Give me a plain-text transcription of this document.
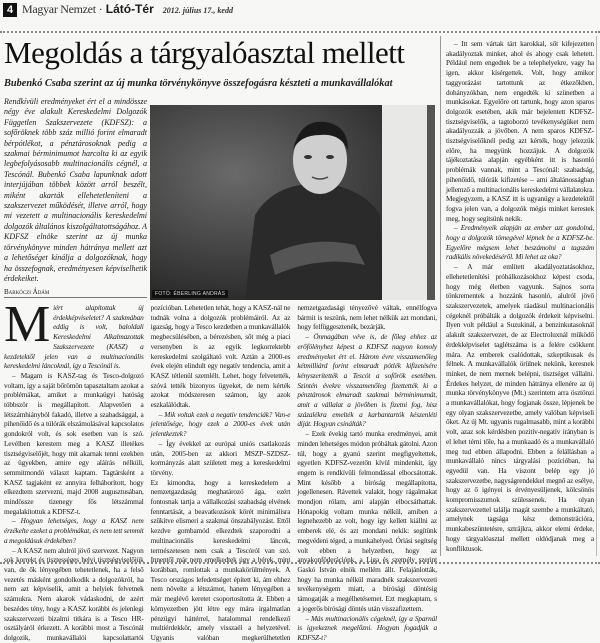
4 Magyar Nemzet · Látó-Tér 2012. július 17., kedd
Megoldás a tárgyalóasztal mellett
Bubenkó Csaba szerint az új munka törvénykönyve összefogásra készteti a munkavállalókat
Rendkívüli eredményeket ért el a mindössze négy éve alakult Kereskedelmi Dolgozók Független Szakszervezete (KDFSZ): a sofőröknek több száz millió forint elmaradt bérpótlékot, a pénztárosoknak pedig a szakmai bérminimumot harcolta ki az egyik legbefolyásosabb multinacionális cégnél, a Tescónál. Bubenkó Csaba lapunknak adott interjújában többek között arról beszélt, miként akarták ellehetetleníteni a szakszervezet működését, illetve arról, hogy mi vezetett a multinacionális kereskedelmi dolgozók általános kiszolgáltatottságához. A KDFSZ elnöke szerint az új munka törvénykönyve minden hátránya mellett azt a lehetőséget kínálja a dolgozóknak, hogy ha összefognak, eredményesen képviselhetik érdekeiket.
Barkóczi Ádám	FOTÓ: ÉBERLING ANDRÁS
M iért alapítottak új érdekképviseletet? A szakmában eddig is volt, baloldali Kereskedelmi Alkalmazottak Szakszervezete (KASZ) a kezdetektől jelen van a multinacionális kereskedelmi láncoknál, így a Tescónál is.

– Magam is KASZ-tag és Tesco-dolgozó voltam, így a saját bőrömön tapasztaltam azokat a problémákat, amiket a munkaügyi hatóság többször is megállapított. Alapvetően a létszámhiányból fakadó, illetve a szabadsággal, a pihenőidő és a túlórák elszámolásával kapcsolatos gondokról volt, és sok esetben van is szó. Levélben kerestem meg a KASZ illetékes tisztségviselőjét, hogy mit akarnak tenni ezekben az ügyekben, amire egy aláírás nélküli, semmitmondó választ kaptam. Tagtársként a KASZ tagjaként ez annyira felháborított, hogy elkezdtem szervezni, majd 2008 augusztusában, mindössze tizenegy fős létszámmal megalakítottuk a KDFSZ-t.

– Hogyan lehetséges, hogy a KASZ nem érzékelte ezeket a problémákat, és nem tett semmit a megoldásuk érdekében?

– A KASZ nem alulról jövő szervezet. Nagyon sok korrekt és tisztességes helyi tisztségviselőjük van, de ők lényegében tehetetlenek, ha a felső vezetés másként gondolkodik a dolgozókról, ha nem azt képviselik, amit a helyiek felvetnek számukra. Nem akarok vádaskodni, de azért beszédes tény, hogy a KASZ korábbi és jelenlegi szakszervezeti bizalmi titkára is a Tesco HR-osztályáról érkezett. A korábbi most a Tescónál dolgozik, munkavállalói kapcsolattartói pozícióban. Lehetetlen tehát, hogy a KASZ-nál ne tudnák volna a dolgozók problémáiról. Az az igazság, hogy a Tesco kezdetben a munkavállalók megbecsülésében, a bérezésben, sőt még a piaci versenyben is az egyik legkorrektebb kereskedelmi szolgáltató volt. Aztán a 2000-es évek elején elindult egy negatív tendencia, amit a KASZ tétlenül szemlélt. Lehet, hogy felvetették, szóvá tették bizonyos ügyeket, de nem kérték azokat módszeresen számon, így azok eszkalálódtak.

– Mik voltak ezek a negatív tendenciák? Van-e jelentősége, hogy ezek a 2000-es évek után jelentkeztek?

– Így évekkel az európai uniós csatlakozás után, 2005-ben az akkori MSZP–SZDSZ-kormányzás alatt született meg a kereskedelmi törvény.

Ez kimondta, hogy a kereskedelem a nemzetgazdaság meghatározó ága, ezért fontosnak tartja a vállalkozási szabadság elvének fenntartását, a beavatkozások körét minimálisra szűkítve elismeri a szakmai önszabályozást. Ettől kezdve gombamód elkezdtek szaporodni a multinacionális kereskedelmi láncok, természetesen nem csak a Tescóról van szó. Innentől már nem emelkedtek úgy a bérek, mint korábban, romlottak a munkakörülmények. A Tesco országos lefedettséget épített ki, ám ehhez nem növelte a létszámot, hanem lényegében a már meglévő keretet csoportosította át. Ebben a környezetben jött létre egy mára irgalmatlan pénzügyi háttérrel, hatalommal rendelkező multiérdekkör, amely visszaél a helyzetével. Ugyanis valóban megkerülhetetlen nemzetgazdasági tényezővé váltak, ennélfogva bármit is teszünk, nem lehet nélkük azt mondani, hogy felfüggesztenék, bezárják.

– Önmagában véve is, de főleg ehhez az erőfölényhez képest a KDFSZ nagyon komoly eredményeket ért el. Három évre visszamenőleg kétmilliárd forint elmaradt pótlék kifizetésére kényszerítették a Tescót a sofőrök esetében. Szintén évekre visszamenőleg fizettették ki a pénztárosok elmaradt szakmai bérminimumát, amit a vállalat a jövőben is fizetni fog, hisz százalékra emelték a karbantartók készenléti díját. Hogyan csinálták?

– Ezek évekig tartó munka eredményei, amit minden lehetséges módon próbáltak gátolni. Azon túl, hogy a gyanú szerint megfigyeltettek, egyetlen KDFSZ-vezetőn kívül mindenkit, így engem is rendkívüli felmondással elbocsátottak. Mint később a bíróság megállapította, jogellenesen. Rávettek valakit, hogy rágalmakat mondjon rólam, ami alapján elbocsáthattak. Hónapokig voltam munka nélkül, amiben a legnehezebb az volt, hogy így kellett kiállni az emberek elé, és azt mondani nekik: segítünk megvédeni téged, a munkahelyed. Óriási segítség volt ebben a helyzetben, hogy az anyakonföderációnk, a Liga és személy szerint Gaskó István elnök mellém állt. Felajánlották, hogy ha munka nélkül maradnék szakszervezeti tevékenységem miatt, a bírósági döntésig támogatják a megélhetésemet. Ezt megkaptam, s a jogerős bírósági döntés után visszafizettem.

– Más multinacionális cégeknél, így a Sparnál is igyekeznek megelőzni. Hogyan fogadják a KDFSZ-t?

– Itt sem vártak tárt karokkal, sőt kifejezetten akadályoztak minket, ahol és ahogy csak lehetett. Például nem engedtek be a telephelyekre, vagy ha igen, akkor kísérgettek. Volt, hogy amikor taggyorázást tartottunk az étkezőkben, dohányzókban, nem engedték ki szünetben a munkásokat. Egyelőre ott tartunk, hogy azon sparos dolgozók esetében, akik már bejelentett KDFSZ-tisztségviselők, a tagtoborzó tevékenységüket nem akadályozzák a jövőben. A nem sparos KDFSZ-tisztségviselőknél pedig azt kérték, hogy jelezzük előre, ha megyünk hozzájuk. A dolgozók tájékoztatása alapján egyébként itt is hasonló problémák vannak, mint a Tescónál: szabadság, pihenőidő, túlórák kifizetése – ami általánosságban jellemző a multinacionális kereskedelmi vállalatokra. Megjegyzem, a KASZ itt is ugyanúgy a kezdetektől fogva jelen van, a dolgozók mégis minket kerestek meg, hogy segítsünk nekik.

– Eredményeik alapján az ember azt gondolná, hogy a dolgozók tömegével lépnek be a KDFSZ-be. Egyelőre mégsem lehet beszámolni a tagszám radikális növekedéséről. Mi lehet az oka?

– A már említett akadályoztatásokhoz, ellehetetlenítési próbálkozásokhoz képest csoda, hogy még életben vagyunk. Sajnos sorra tönkrementek a hozzánk hasonló, alulról jövő szakszervezetek, amelyek ráadásul multinacionális cégeknél próbálták a dolgozók érdekeit képviselni. Ilyen volt például a Suzukinál, a benzinkutasoknál alakult szakszervezet, de az Electroluxnál működő érdekképviselet taglétszáma is a felére csökkent mára. Az emberek csalódottak, szkeptikusak és félnek. A munkavállalók örülnek nekünk, keresnek minket, de nem mernek belépni, tisztséget vállalni. Érdekes helyzet, de minden hátránya ellenére az új munka törvénykönyve (Mt.) szerintem arra ösztönzi a munkavállalókat, hogy fogjanak össze, lépjenek be egy olyan szakszervezetbe, amely valóban képviseli őket. Az új Mt. ugyanis rugalmasabb, mint a korábbi volt, azaz sok kérdésben pozitív-negatív irányban is el lehet térni tőle, ha a munkaadó és a munkavállaló meg tud ebben állapodni. Ebben a felállásban a munkavállaló nincs tárgyalási pozícióban, ha egyedül van. Ha viszont belép egy jó szakszervezetbe, nagyságrendekkel megnő az esélye, hogy az ő igényei is érvényesüljenek, kölcsönös kompromisszumok szülessenek. Ha olyan szakszervezettel találja magát szembe a munkáltató, amelynek tagsága kész demonstrációra, munkabeszüntetésre, sztrájkra, akkor elemi érdeke, hogy tárgyalóasztal mellett oldódjanak meg a konfliktusok.
